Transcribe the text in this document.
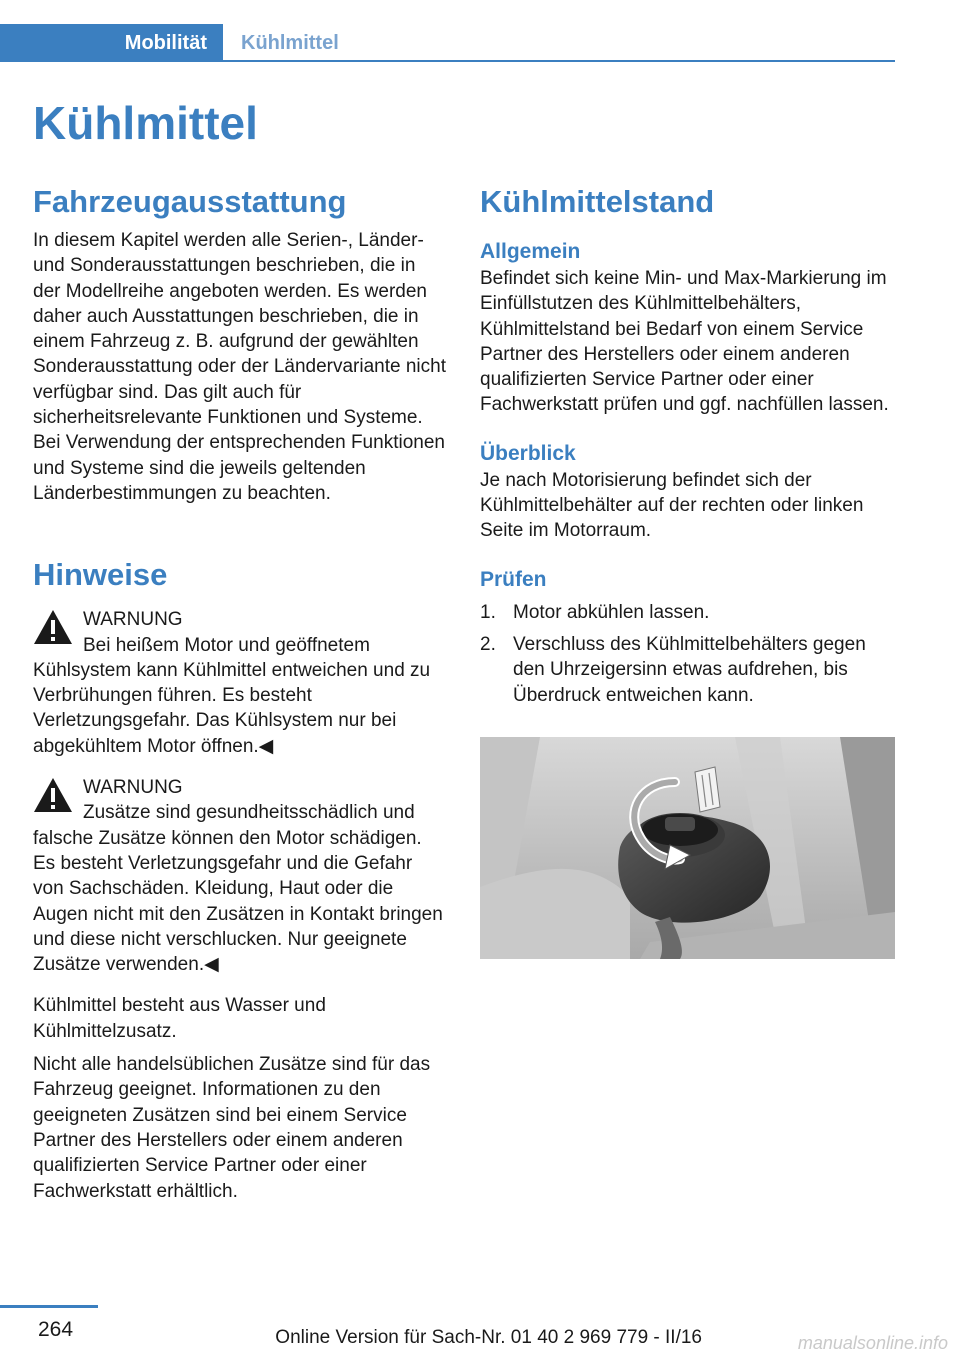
Mobilität	Kühlmittel
Kühlmittel
Fahrzeugausstattung

In diesem Kapitel werden alle Serien-, Länder- und Sonderausstattungen beschrieben, die in der Modellreihe angeboten werden. Es werden daher auch Ausstattungen beschrieben, die in einem Fahrzeug z. B. aufgrund der gewählten Sonderausstattung oder der Ländervariante nicht verfügbar sind. Das gilt auch für sicherheitsrelevante Funktionen und Systeme. Bei Verwendung der entsprechenden Funktionen und Systeme sind die jeweils geltenden Länderbestimmungen zu beachten.

Hinweise
WARNUNG

Bei heißem Motor und geöffnetem Kühlsystem kann Kühlmittel entweichen und zu Verbrühungen führen. Es besteht Verletzungsgefahr. Das Kühlsystem nur bei abgekühltem Motor öffnen.◀

WARNUNG

Zusätze sind gesundheitsschädlich und falsche Zusätze können den Motor schädigen. Es besteht Verletzungsgefahr und die Gefahr von Sachschäden. Kleidung, Haut oder die Augen nicht mit den Zusätzen in Kontakt bringen und diese nicht verschlucken. Nur geeignete Zusätze verwenden.◀

Kühlmittel besteht aus Wasser und Kühlmittelzusatz.

Nicht alle handelsüblichen Zusätze sind für das Fahrzeug geeignet. Informationen zu den geeigneten Zusätzen sind bei einem Service Partner des Herstellers oder einem anderen qualifizierten Service Partner oder einer Fachwerkstatt erhältlich.

Kühlmittelstand
Allgemein

Befindet sich keine Min- und Max-Markierung im Einfüllstutzen des Kühlmittelbehälters, Kühlmittelstand bei Bedarf von einem Service Partner des Herstellers oder einem anderen qualifizierten Service Partner oder einer Fachwerkstatt prüfen und ggf. nachfüllen lassen.

Überblick

Je nach Motorisierung befindet sich der Kühlmittelbehälter auf der rechten oder linken Seite im Motorraum.

Prüfen
1. Motor abkühlen lassen.
2. Verschluss des Kühlmittelbehälters gegen den Uhrzeigersinn etwas aufdrehen, bis Überdruck entweichen kann.
264	Online Version für Sach-Nr. 01 40 2 969 779 - II/16	manualsonline.info
